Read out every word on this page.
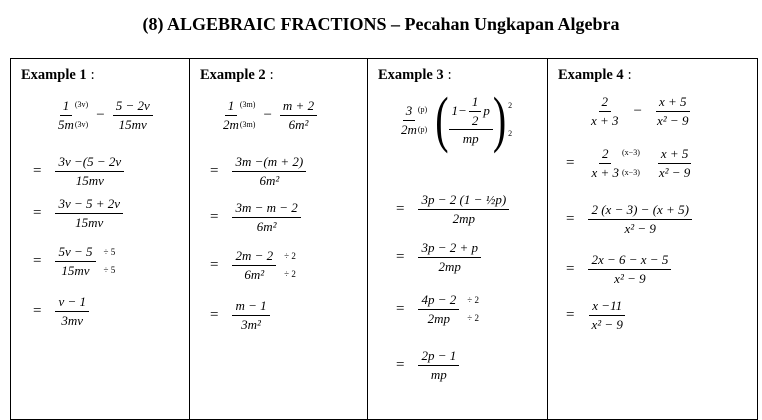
(8) ALGEBRAIC FRACTIONS – Pecahan Ungkapan Algebra
Example 1 :
$\frac{1}{5m}$
(3v)
(3v)
− $\frac{5 - 2v}{15mv}$
= $\frac{3v -(5 - 2v}{15mv}$
= $\frac{3v - 5 + 2v}{15mv}$
= $\frac{5v - 5}{15mv} \div 5$
÷ 5
= $\frac{v - 1}{3mv}$
Example 2 :
$\frac{1}{2m}$
(3m)
(3m)
− $\frac{m + 2}{\text{6m²}}$
= $\frac{3m -(m + 2)}{\text{6m²}}$
= $\frac{3m - m - 2}{\text{6m²}}$
= $\frac{2m - 2}{\text{6m²}} \div 2$
÷ 2
= $\frac{m - 1}{\text{3m²}}$
Example 3 :
$\frac{3}{2m}$
(p)
(p) ( $\frac{1- \frac{1}{2} p}{mp}$ ) 2
2
= $\frac{\text{3p − 2 (1 − ½p)}}{2mp}$
= $\frac{3p - 2 + p}{2mp}$
= $\frac{4p - 2}{2mp} \div 2$
÷ 2
= $\frac{2p - 1}{mp}$
Example 4 :
$\frac{2}{x + 3} - \frac{x + 5}{\text{x² − 9}}$
= $\frac{2}{x + 3} (x-3)$
$(x-3) \frac{x + 5}{\text{x² − 9}}$
= $\frac{2 (x - 3) - (x + 5)}{\text{x² − 9}}$
= $\frac{2x - 6 - x - 5}{\text{x² − 9}}$
= $\frac{x -11}{\text{x² − 9}}$
